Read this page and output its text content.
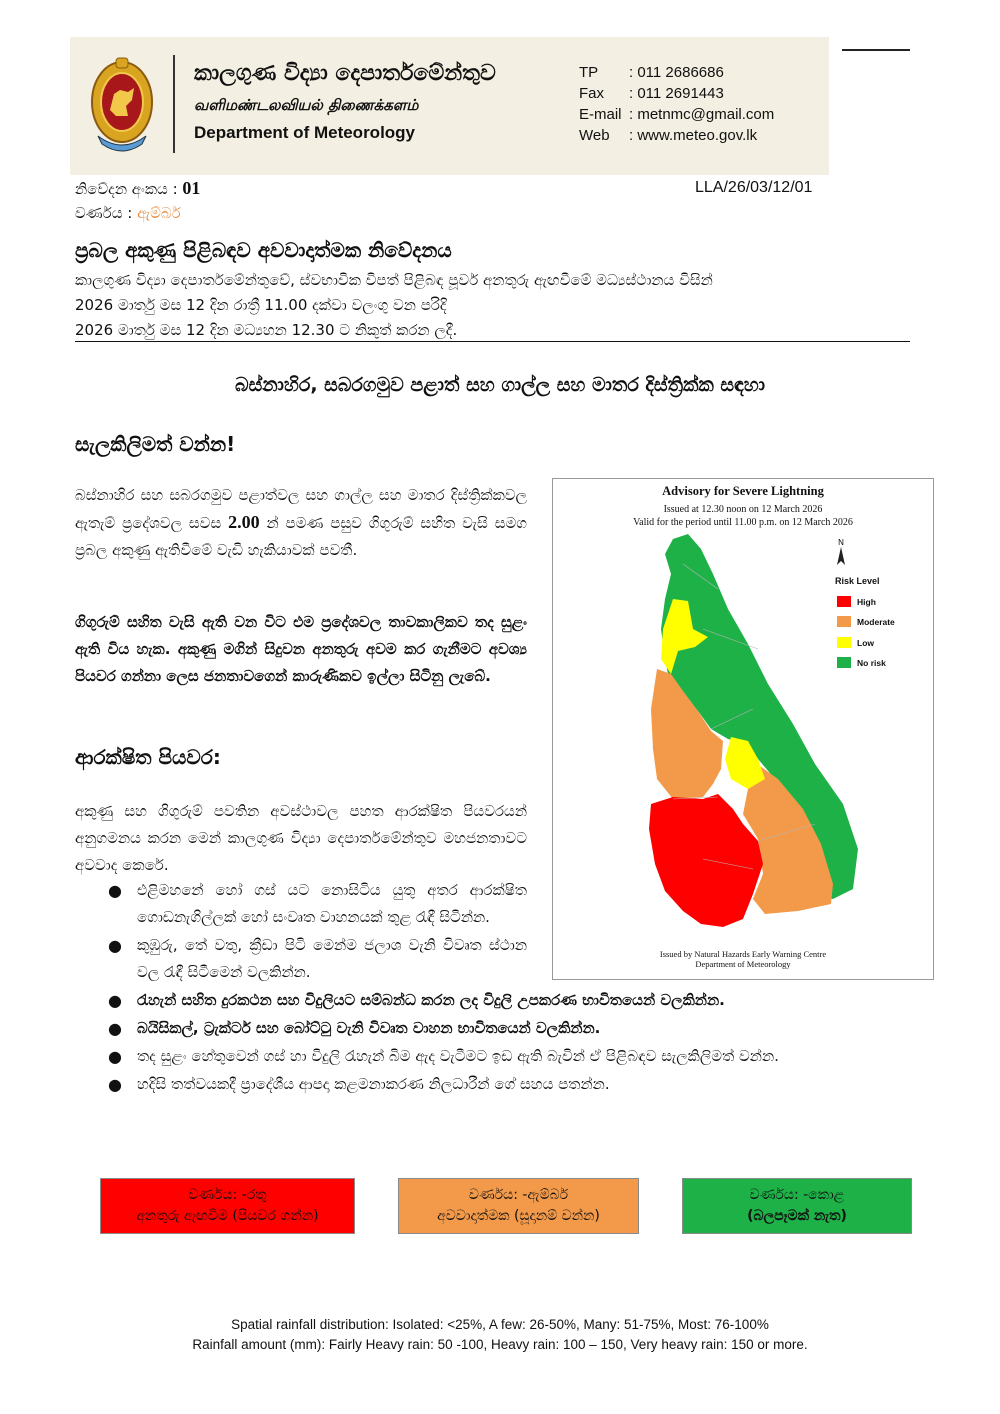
කාලගුණ විද්‍යා දෙපාර්තමේන්තුව
வளிமண்டலவியல் திணைக்களம்
Department of Meteorology
TP	: 011 2686686
Fax	: 011 2691443
E-mail : metnmc@gmail.com
Web	: www.meteo.gov.lk
නිවේදන අංකය : 01	LLA/26/03/12/01
වර්ණය : ඇම්බර්
ප්‍රබල අකුණු පිළිබඳව අවවාදාත්මක නිවේදනය
කාලගුණ විද්‍යා දෙපාර්තමේන්තුවේ, ස්වභාවික විපත් පිළිබඳ පූර්ව අනතුරු ඇඟවීමේ මධ්‍යස්ථානය විසින්
2026 මාර්තු මස 12 දින රාත්‍රී 11.00 දක්වා වලංගු වන පරිදි
2026 මාර්තු මස 12 දින මධ්‍යහන 12.30 ට නිකුත් කරන ලදී.
බස්නාහිර, සබරගමුව පළාත් සහ ගාල්ල සහ මාතර දිස්ත්‍රික්ක සඳහා
සැලකිලිමත් වන්න!
බස්නාහිර සහ සබරගමුව පළාත්වල සහ ගාල්ල සහ මාතර දිස්ත්‍රික්කවල ඇතැම් ප්‍රදේශවල සවස 2.00 න් පමණ පසුව ගිගුරුම් සහිත වැසි සමග ප්‍රබල අකුණු ඇතිවීමේ වැඩි හැකියාවක් පවතී.
ගිගුරුම් සහිත වැසි ඇති වන විට එම ප්‍රදේශවල තාවකාලිකව තද සුළං ඇති විය හැක. අකුණු මගින් සිදුවන අනතුරු අවම කර ගැනීමට අවශ්‍ය පියවර ගන්නා ලෙස ජනතාවගෙන් කාරුණිකව ඉල්ලා සිටිනු ලැබේ.
ආරක්ෂිත පියවර:
අකුණු සහ ගිගුරුම් පවතින අවස්ථාවල පහත ආරක්ෂිත පියවරයන් අනුගමනය කරන මෙන් කාලගුණ විද්‍යා දෙපාර්තමේන්තුව මහජනතාවට අවවාද කෙරේ.
● එළිමහනේ හෝ ගස් යට නොසිටිය යුතු අතර ආරක්ෂිත ගොඩනැගිල්ලක් හෝ සංවෘත වාහනයක් තුළ රැඳී සිටින්න.
● කුඹුරු, තේ වතු, ක්‍රීඩා පිටි මෙන්ම ජලාශ වැනි විවෘත ස්ථාන වල රැඳී සිටීමෙන් වලකින්න.
● රැහැන් සහිත දුරකථන සහ විදුලියට සම්බන්ධ කරන ලද විදුලි උපකරණ භාවිතයෙන් වලකින්න.
● බයිසිකල්, ට්‍රැක්ටර් සහ බෝට්ටු වැනි විවෘත වාහන භාවිතයෙන් වලකින්න.
● තද සුළං හේතුවෙන් ගස් හා විදුලි රැහැන් බිම ඇද වැටීමට ඉඩ ඇති බැවින් ඒ පිළිබඳව සැලකිලිමත් වන්න.
● හදිසි තත්වයකදී ප්‍රාදේශීය ආපදා කළමනාකරණ නිලධාරීන් ගේ සහය පතන්න.
Advisory for Severe Lightning
Issued at 12.30 noon on 12 March 2026
Valid for the period until 11.00 p.m. on 12 March 2026
N
Risk Level
High
Moderate
Low
No risk
Issued by Natural Hazards Early Warning Centre
Department of Meteorology
වර්ණය: -රතු
අනතුරු ඇඟවීම (පියවර ගන්න)
වර්ණය: -ඇම්බර්
අවවාදාත්මක (සූදානම් වන්න)
වර්ණය: -කොළ
(බලපෑමක් නැත)
Spatial rainfall distribution: Isolated: <25%, A few: 26-50%, Many: 51-75%, Most: 76-100%
Rainfall amount (mm): Fairly Heavy rain: 50 -100, Heavy rain: 100 – 150, Very heavy rain: 150 or more.
